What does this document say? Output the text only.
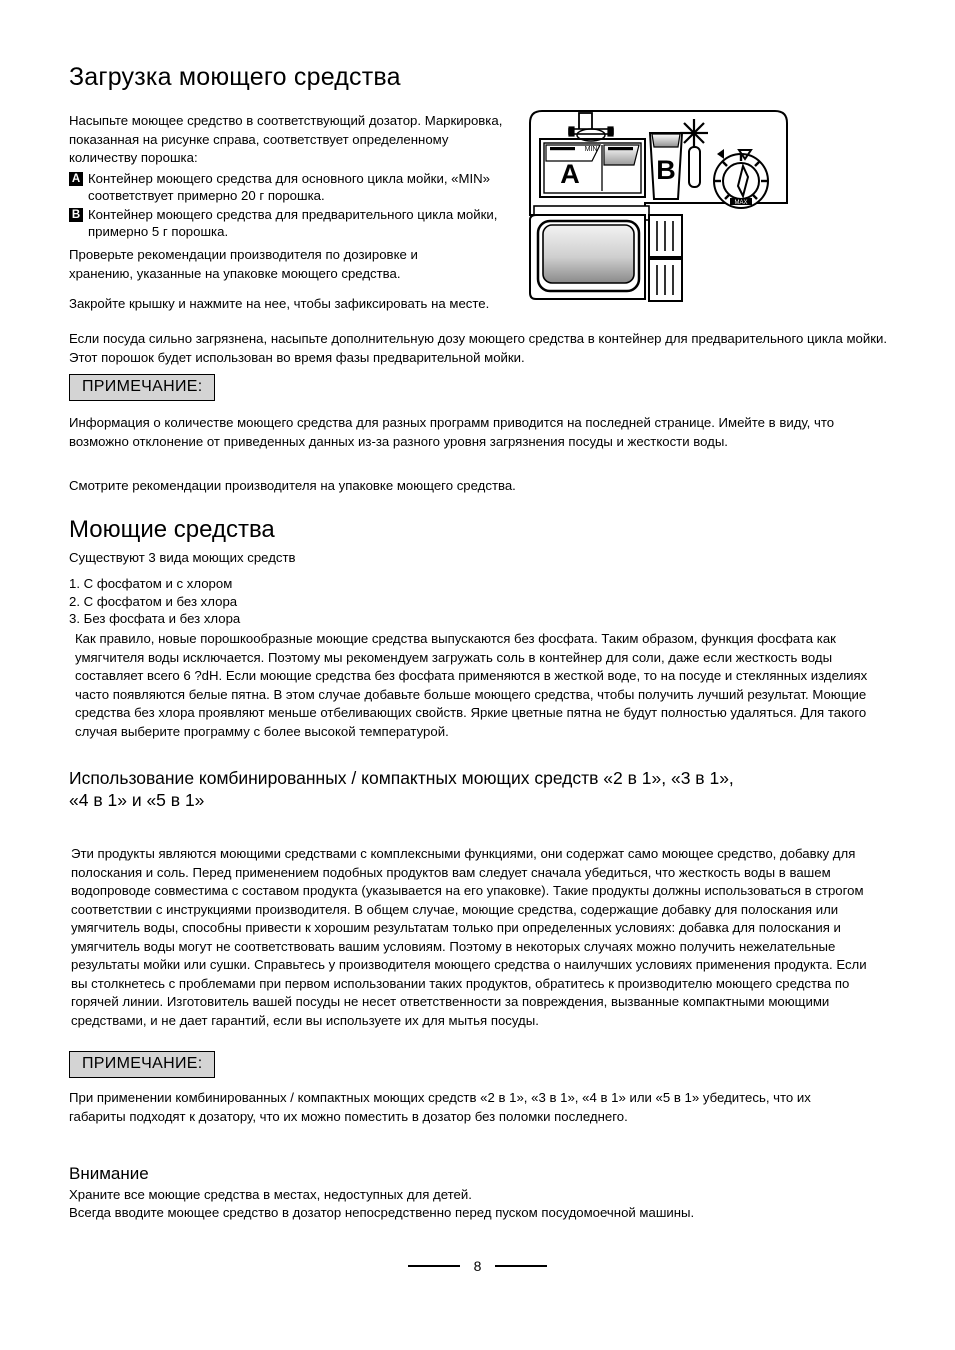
Загрузка моющего средства

Насыпьте моющее средство в соответствующий дозатор. Маркировка, показанная на рисунке справа, соответствует определенному количеству порошка:

A Контейнер моющего средства для основного цикла мойки, «MIN» соответствует примерно 20 г порошка.
B Контейнер моющего средства для предварительного цикла мойки, примерно 5 г порошка.
MIN
A	B
MAX

Проверьте рекомендации производителя по дозировке и хранению, указанные на упаковке моющего средства.

Закройте крышку и нажмите на нее, чтобы зафиксировать на месте.

Если посуда сильно загрязнена, насыпьте дополнительную дозу моющего средства в контейнер для предварительного цикла мойки. Этот порошок будет использован во время фазы предварительной мойки.

ПРИМЕЧАНИЕ:

Информация о количестве моющего средства для разных программ приводится на последней странице. Имейте в виду, что возможно отклонение от приведенных данных из-за разного уровня загрязнения посуды и жесткости воды.

Смотрите рекомендации производителя на упаковке моющего средства.

Моющие средства

Существуют 3 вида моющих средств

1. С фосфатом и с хлором
2. С фосфатом и без хлора
3. Без фосфата и без хлора

Как правило, новые порошкообразные моющие средства выпускаются без фосфата. Таким образом, функция фосфата как умягчителя воды исключается. Поэтому мы рекомендуем загружать соль в контейнер для соли, даже если жесткость воды составляет всего 6 ?dH. Если моющие средства без фосфата применяются в жесткой воде, то на посуде и стеклянных изделиях часто появляются белые пятна. В этом случае добавьте больше моющего средства, чтобы получить лучший результат. Моющие средства без хлора проявляют меньше отбеливающих свойств. Яркие цветные пятна не будут полностью удаляться. Для такого случая выберите программу с более высокой температурой.

Использование комбинированных / компактных моющих средств «2 в 1», «3 в 1»,
«4 в 1» и «5 в 1»

Эти продукты являются моющими средствами с комплексными функциями, они содержат само моющее средство, добавку для полоскания и соль. Перед применением подобных продуктов вам следует сначала убедиться, что жесткость воды в вашем водопроводе совместима с составом продукта (указывается на его упаковке). Такие продукты должны использоваться в строгом соответствии с инструкциями производителя. В общем случае, моющие средства, содержащие добавку для полоскания или умягчитель воды, способны привести к хорошим результатам только при определенных условиях: добавка для полоскания и умягчитель воды могут не соответствовать вашим условиям. Поэтому в некоторых случаях можно получить нежелательные результаты мойки или сушки. Справьтесь у производителя моющего средства о наилучших условиях применения продукта. Если вы столкнетесь с проблемами при первом использовании таких продуктов, обратитесь к производителю моющего средства по горячей линии. Изготовитель вашей посуды не несет ответственности за повреждения, вызванные компактными моющими средствами, и не дает гарантий, если вы используете их для мытья посуды.

ПРИМЕЧАНИЕ:

При применении комбинированных / компактных моющих средств «2 в 1», «3 в 1», «4 в 1» или «5 в 1» убедитесь, что их габариты подходят к дозатору, что их можно поместить в дозатор без поломки последнего.

Внимание

Храните все моющие средства в местах, недоступных для детей.

Всегда вводите моющее средство в дозатор непосредственно перед пуском посудомоечной машины.

8
